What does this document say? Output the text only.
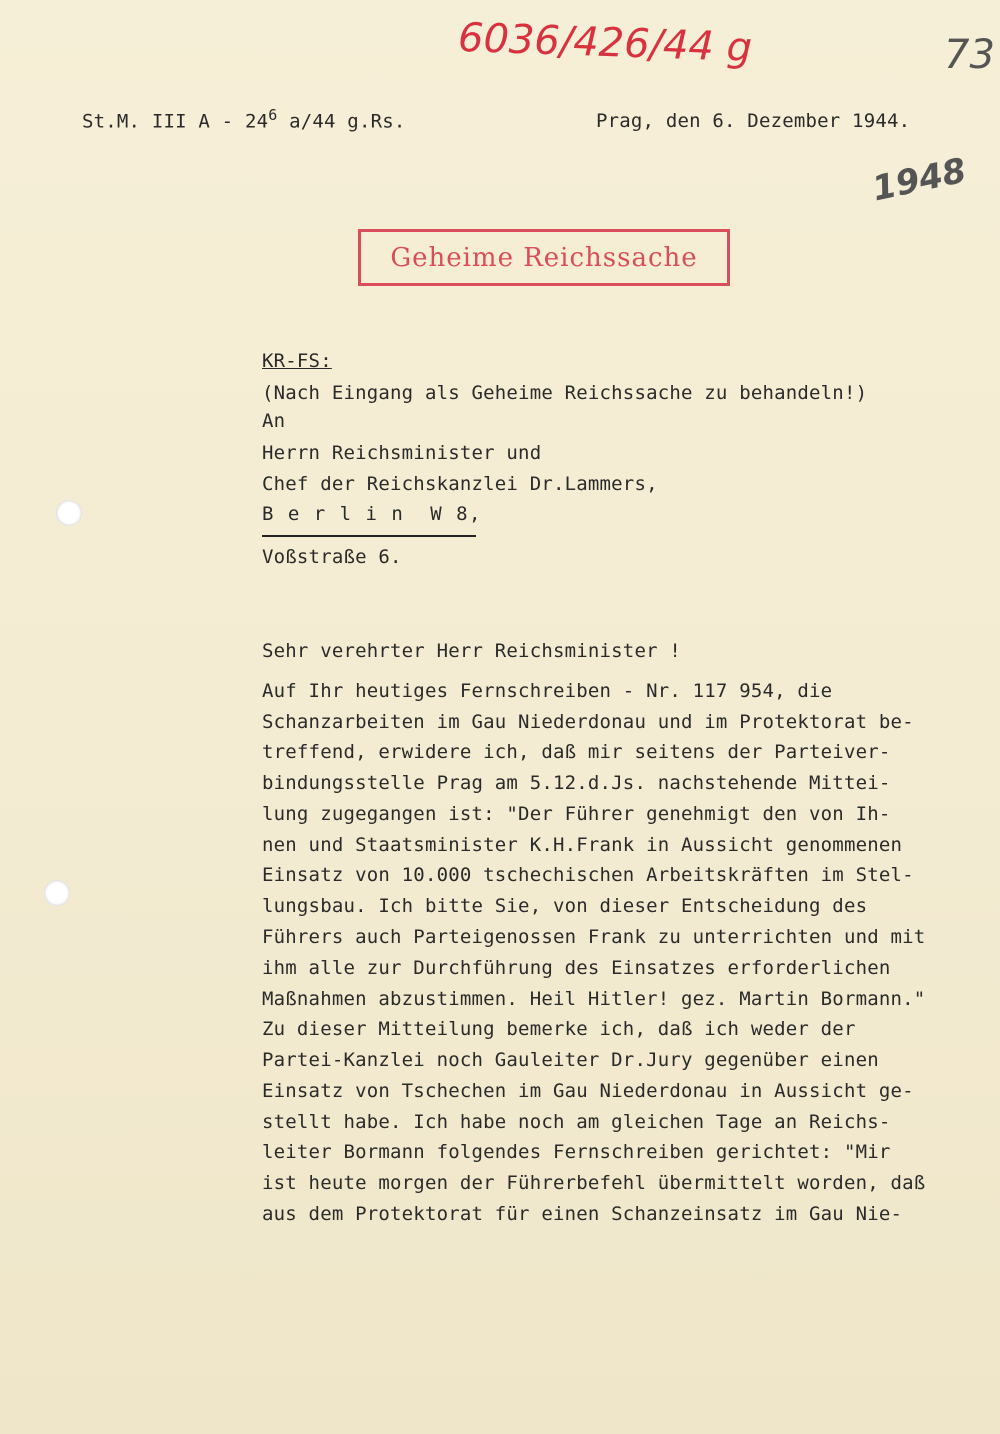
6036/426/44 g	73
1948
St.M. III A - $24^6$ a/44 g.Rs.	Prag, den 6. Dezember 1944.
Geheime Reichssache
KR-FS:
(Nach Eingang als Geheime Reichssache zu behandeln!)
An
Herrn Reichsminister und
Chef der Reichskanzlei Dr.Lammers,
B e r l i n  W 8,
Voßstraße 6.
Sehr verehrter Herr Reichsminister !
Auf Ihr heutiges Fernschreiben - Nr. 117 954, die
Schanzarbeiten im Gau Niederdonau und im Protektorat be-
treffend, erwidere ich, daß mir seitens der Parteiver-
bindungsstelle Prag am 5.12.d.Js. nachstehende Mittei-
lung zugegangen ist: "Der Führer genehmigt den von Ih-
nen und Staatsminister K.H.Frank in Aussicht genommenen
Einsatz von 10.000 tschechischen Arbeitskräften im Stel-
lungsbau. Ich bitte Sie, von dieser Entscheidung des
Führers auch Parteigenossen Frank zu unterrichten und mit
ihm alle zur Durchführung des Einsatzes erforderlichen
Maßnahmen abzustimmen. Heil Hitler! gez. Martin Bormann."
Zu dieser Mitteilung bemerke ich, daß ich weder der
Partei-Kanzlei noch Gauleiter Dr.Jury gegenüber einen
Einsatz von Tschechen im Gau Niederdonau in Aussicht ge-
stellt habe. Ich habe noch am gleichen Tage an Reichs-
leiter Bormann folgendes Fernschreiben gerichtet: "Mir
ist heute morgen der Führerbefehl übermittelt worden, daß
aus dem Protektorat für einen Schanzeinsatz im Gau Nie-
